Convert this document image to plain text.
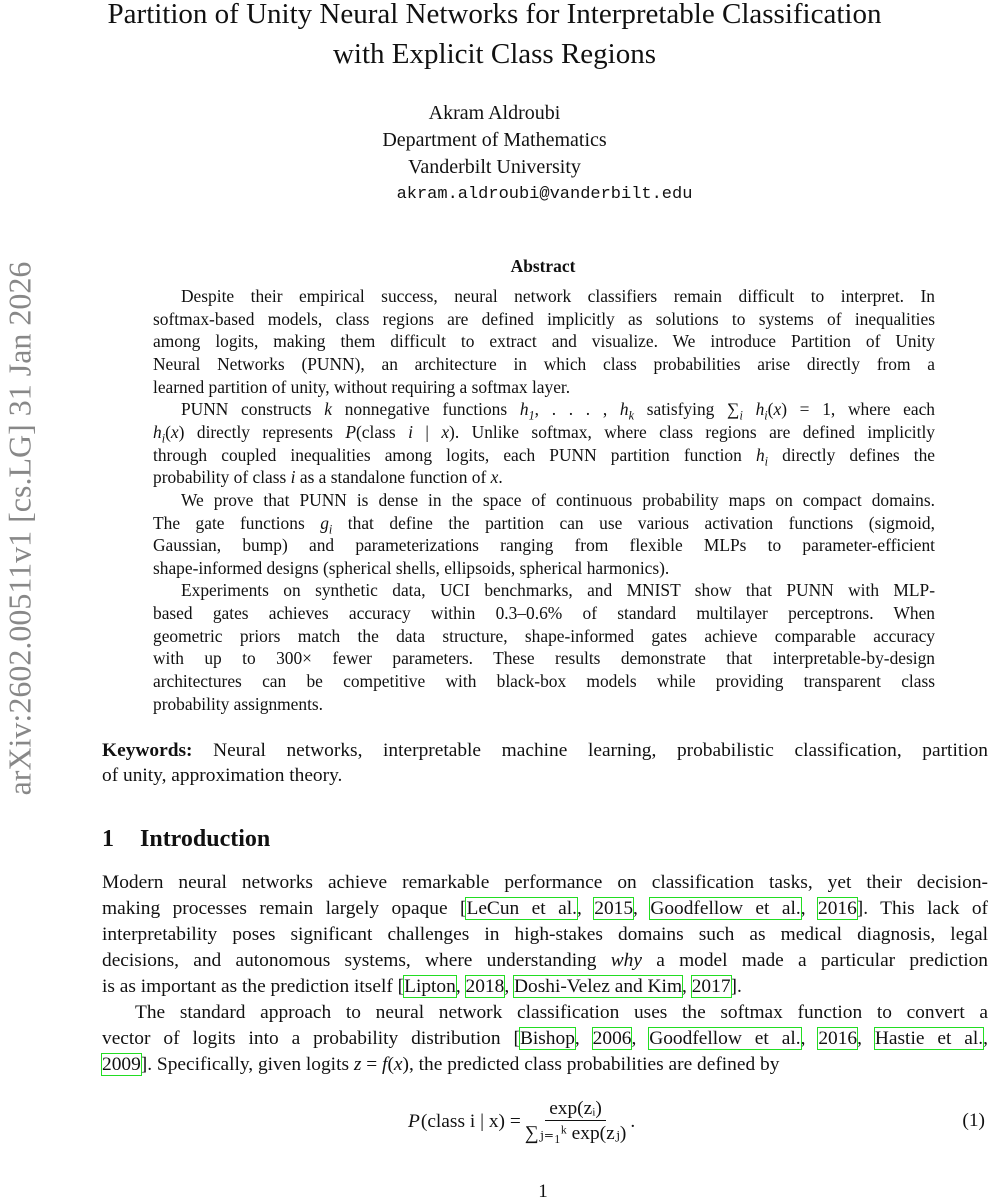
arXiv:2602.00511v1 [cs.LG] 31 Jan 2026
Partition of Unity Neural Networks for Interpretable Classification
with Explicit Class Regions
Akram Aldroubi
Department of Mathematics
Vanderbilt University
akram.aldroubi@vanderbilt.edu
Abstract
Despite their empirical success, neural network classifiers remain difficult to interpret. In
softmax-based models, class regions are defined implicitly as solutions to systems of inequalities
among logits, making them difficult to extract and visualize. We introduce Partition of Unity
Neural Networks (PUNN), an architecture in which class probabilities arise directly from a
learned partition of unity, without requiring a softmax layer.
PUNN constructs k nonnegative functions $h_1$, . . . , $h_k$ satisfying $\sum_i$ $h_i(x) = 1$, where each
$h_i(x)$ directly represents P(class i | x). Unlike softmax, where class regions are defined implicitly
through coupled inequalities among logits, each PUNN partition function $h_i$ directly defines the
probability of class i as a standalone function of x.
We prove that PUNN is dense in the space of continuous probability maps on compact domains.
The gate functions $g_i$ that define the partition can use various activation functions (sigmoid,
Gaussian, bump) and parameterizations ranging from flexible MLPs to parameter-efficient
shape-informed designs (spherical shells, ellipsoids, spherical harmonics).
Experiments on synthetic data, UCI benchmarks, and MNIST show that PUNN with MLP-
based gates achieves accuracy within 0.3–0.6% of standard multilayer perceptrons. When
geometric priors match the data structure, shape-informed gates achieve comparable accuracy
with up to 300× fewer parameters. These results demonstrate that interpretable-by-design
architectures can be competitive with black-box models while providing transparent class
probability assignments.
Keywords: Neural networks, interpretable machine learning, probabilistic classification, partition
of unity, approximation theory.
1 Introduction
Modern neural networks achieve remarkable performance on classification tasks, yet their decision-
making processes remain largely opaque [LeCun et al., 2015, Goodfellow et al., 2016]. This lack of
interpretability poses significant challenges in high-stakes domains such as medical diagnosis, legal
decisions, and autonomous systems, where understanding why a model made a particular prediction
is as important as the prediction itself [Lipton, 2018, Doshi-Velez and Kim, 2017].
The standard approach to neural network classification uses the softmax function to convert a
vector of logits into a probability distribution [Bishop, 2006, Goodfellow et al., 2016, Hastie et al.,
2009]. Specifically, given logits z = f(x), the predicted class probabilities are defined by
P (class i | $x) = \frac{\text{exp(zᵢ)}}{\text{∑ⱼ₌₁ᵏ exp(zⱼ)}}$ .	(1)
1
